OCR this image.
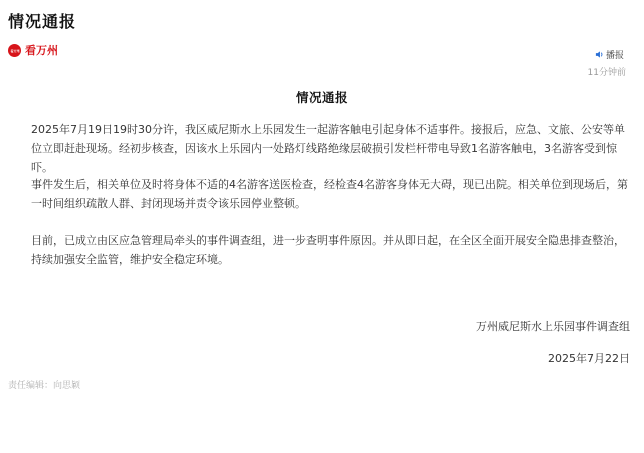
情况通报
看万州 看万州	播报
11分钟前
情况通报

2025年7月19日19时30分许，我区威尼斯水上乐园发生一起游客触电引起身体不适事件。接报后，应急、文旅、公安等单位立即赶赴现场。经初步核查，因该水上乐园内一处路灯线路绝缘层破损引发栏杆带电导致1名游客触电，3名游客受到惊吓。

事件发生后，相关单位及时将身体不适的4名游客送医检查，经检查4名游客身体无大碍，现已出院。相关单位到现场后，第一时间组织疏散人群、封闭现场并责令该乐园停业整顿。

目前，已成立由区应急管理局牵头的事件调查组，进一步查明事件原因。并从即日起，在全区全面开展安全隐患排查整治，持续加强安全监管，维护安全稳定环境。

万州威尼斯水上乐园事件调查组
2025年7月22日
责任编辑：向思颖
